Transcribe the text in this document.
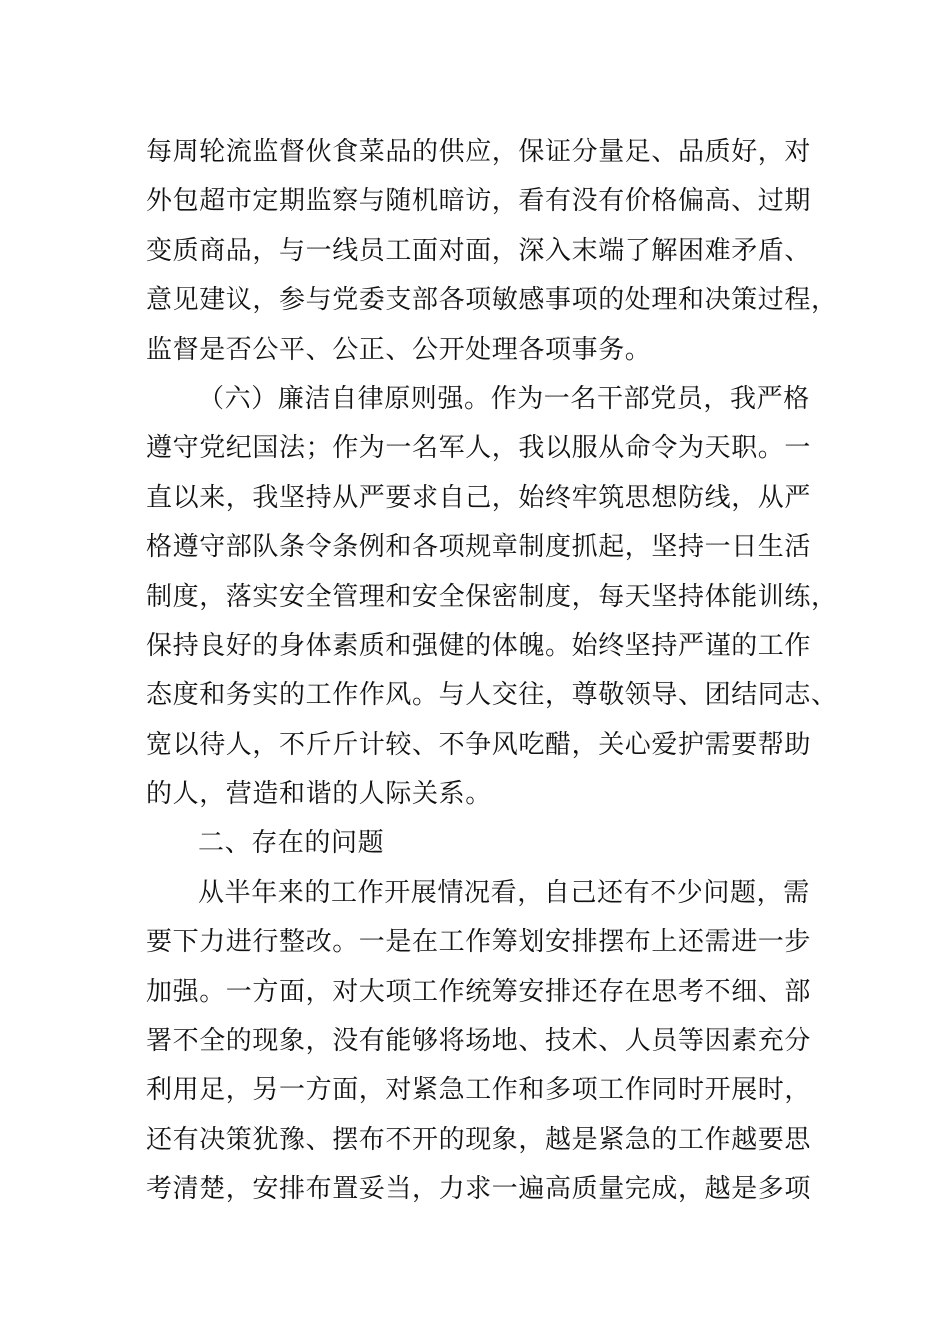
每周轮流监督伙食菜品的供应，保证分量足、品质好，对
外包超市定期监察与随机暗访，看有没有价格偏高、过期
变质商品，与一线员工面对面，深入末端了解困难矛盾、
意见建议，参与党委支部各项敏感事项的处理和决策过程，
监督是否公平、公正、公开处理各项事务。
（六）廉洁自律原则强。作为一名干部党员，我严格
遵守党纪国法；作为一名军人，我以服从命令为天职。一
直以来，我坚持从严要求自己，始终牢筑思想防线，从严
格遵守部队条令条例和各项规章制度抓起，坚持一日生活
制度，落实安全管理和安全保密制度，每天坚持体能训练，
保持良好的身体素质和强健的体魄。始终坚持严谨的工作
态度和务实的工作作风。与人交往，尊敬领导、团结同志、
宽以待人，不斤斤计较、不争风吃醋，关心爱护需要帮助
的人，营造和谐的人际关系。
二、存在的问题
从半年来的工作开展情况看，自己还有不少问题，需
要下力进行整改。一是在工作筹划安排摆布上还需进一步
加强。一方面，对大项工作统筹安排还存在思考不细、部
署不全的现象，没有能够将场地、技术、人员等因素充分
利用足，另一方面，对紧急工作和多项工作同时开展时，
还有决策犹豫、摆布不开的现象，越是紧急的工作越要思
考清楚，安排布置妥当，力求一遍高质量完成，越是多项
